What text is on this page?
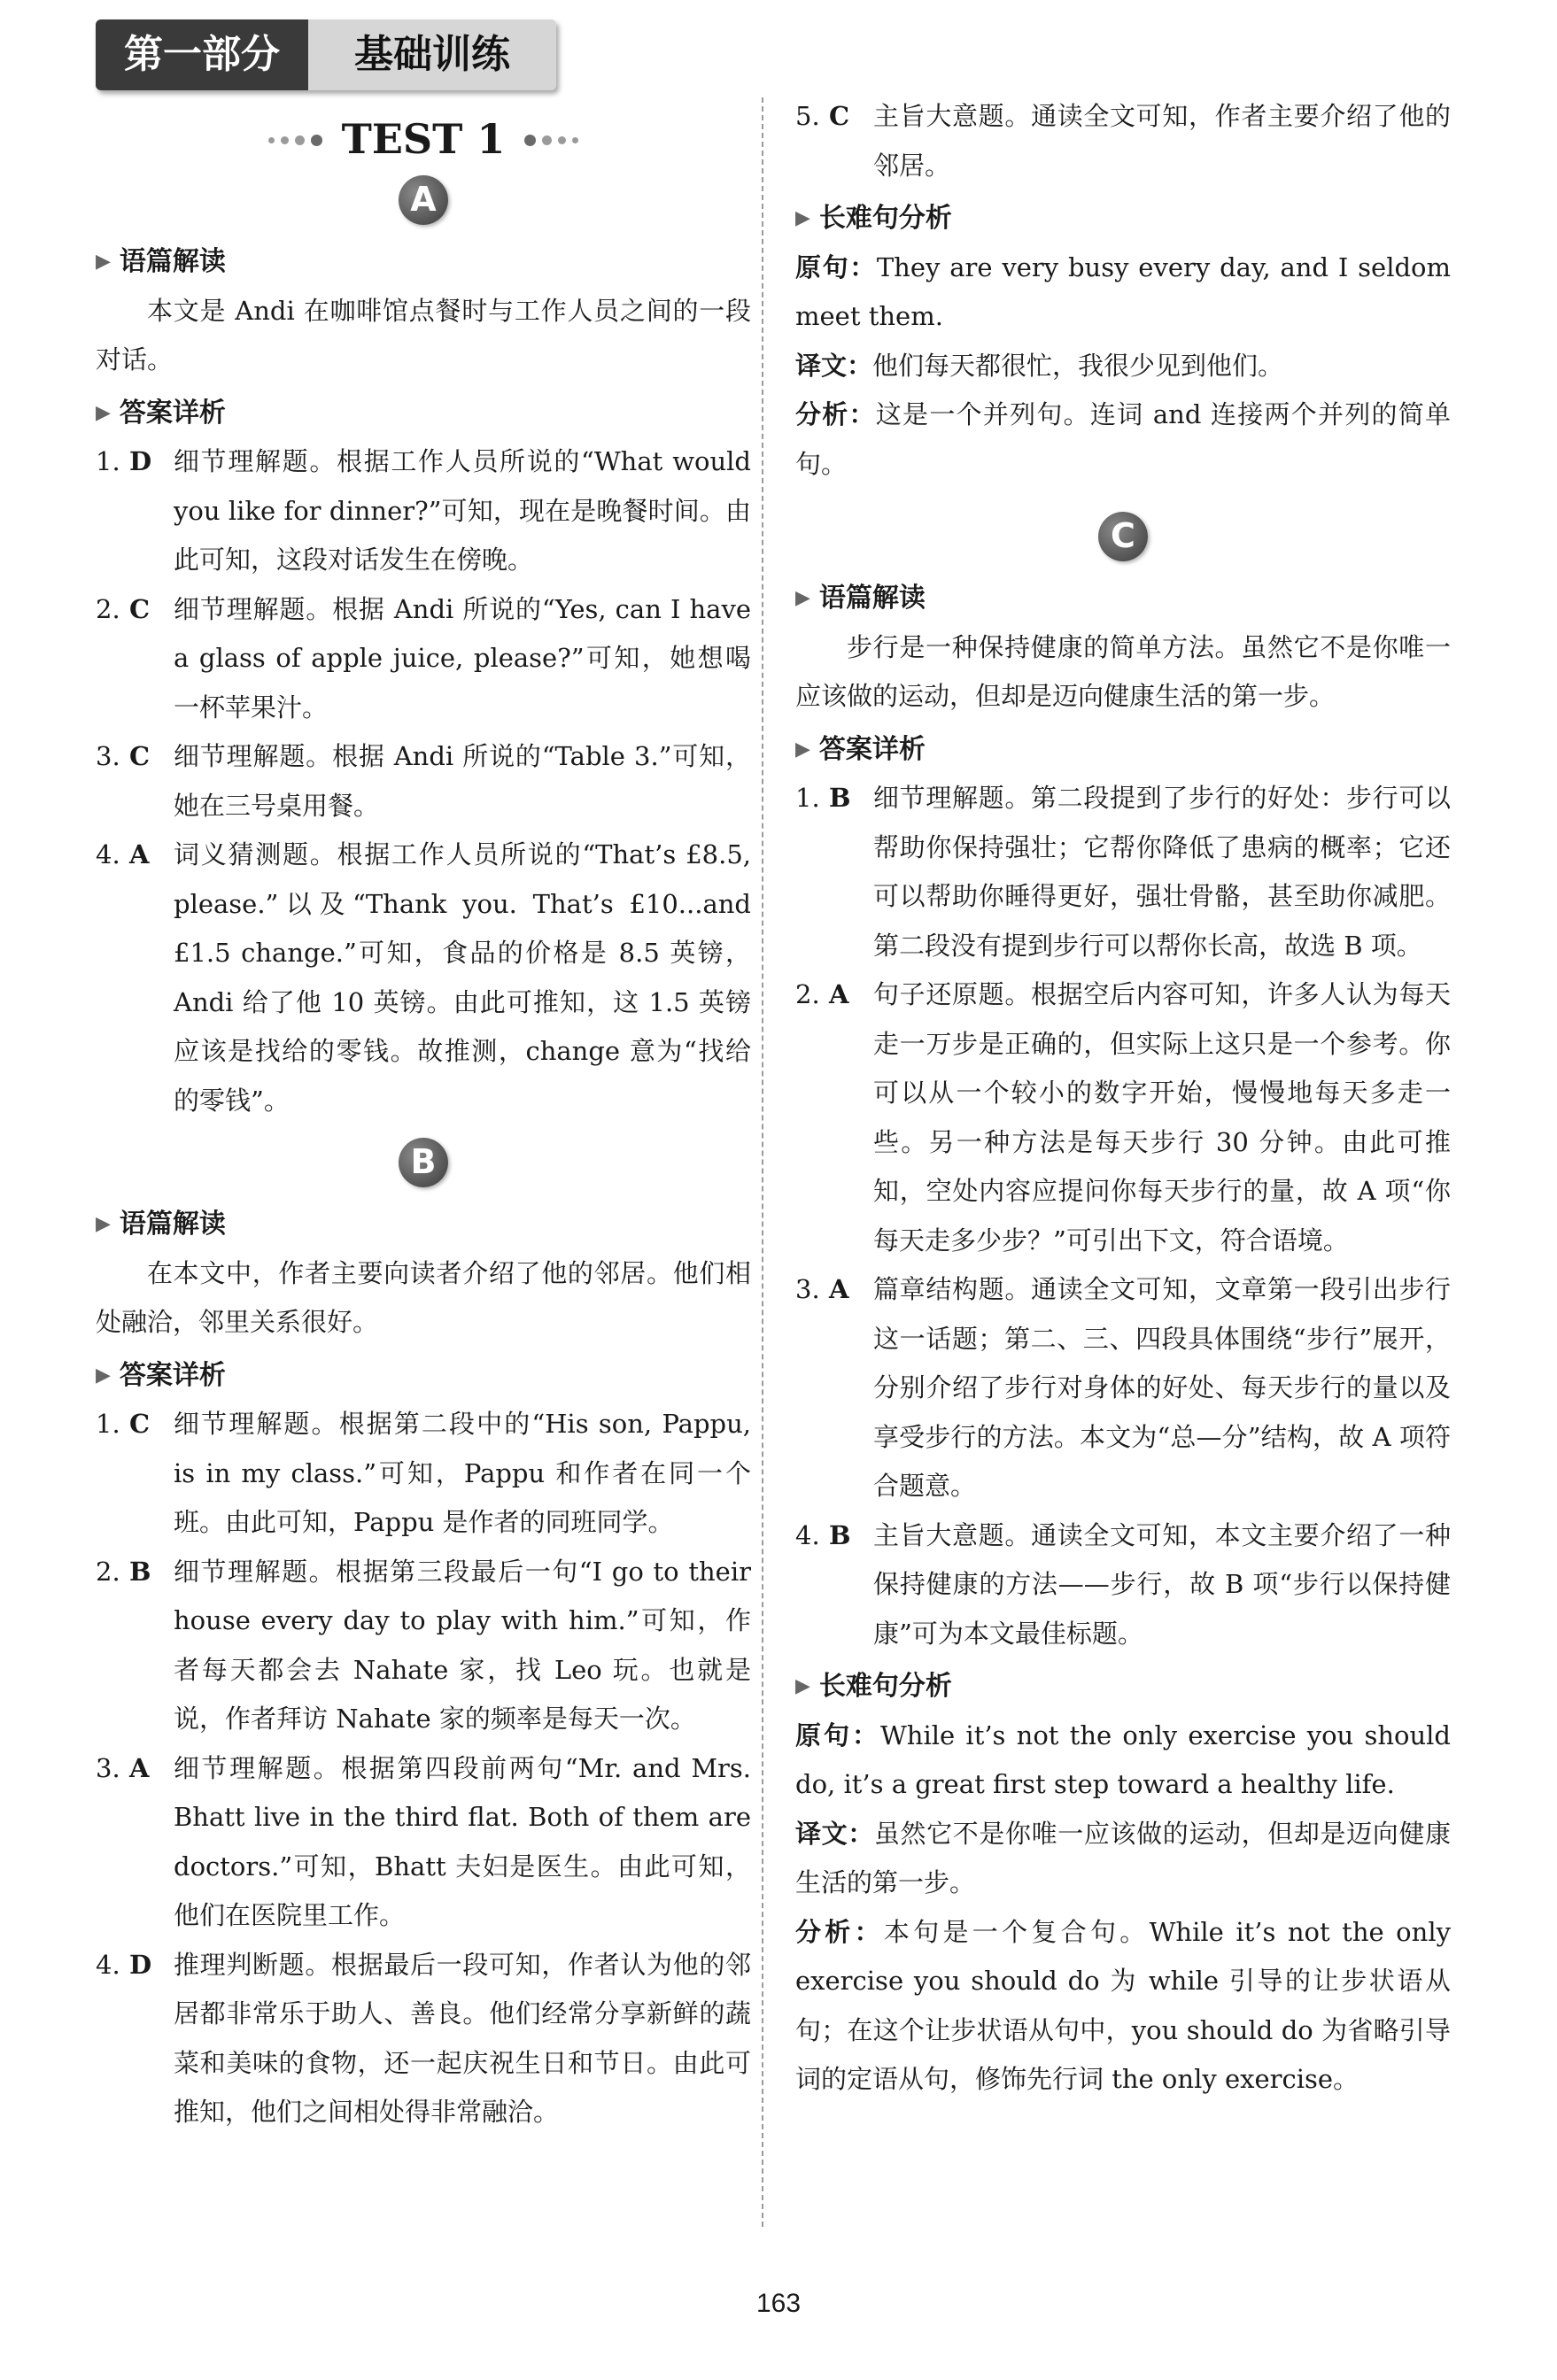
第一部分	基础训练
TEST 1
A
▶ 语篇解读

本文是 Andi 在咖啡馆点餐时与工作人员之间的一段对话。

▶ 答案详析
1. D 细节理解题。根据工作人员所说的“What would you like for dinner?”可知，现在是晚餐时间。由此可知，这段对话发生在傍晚。
2. C 细节理解题。根据 Andi 所说的“Yes, can I have a glass of apple juice, please?”可知，她想喝一杯苹果汁。
3. C 细节理解题。根据 Andi 所说的“Table 3.”可知，她在三号桌用餐。
4. A 词义猜测题。根据工作人员所说的“That’s £8.5, please.”以及“Thank you. That’s £10...and £1.5 change.”可知，食品的价格是 8.5 英镑，Andi 给了他 10 英镑。由此可推知，这 1.5 英镑应该是找给的零钱。故推测，change 意为“找给的零钱”。
B
▶ 语篇解读

在本文中，作者主要向读者介绍了他的邻居。他们相处融洽，邻里关系很好。

▶ 答案详析
1. C 细节理解题。根据第二段中的“His son, Pappu, is in my class.”可知，Pappu 和作者在同一个班。由此可知，Pappu 是作者的同班同学。
2. B 细节理解题。根据第三段最后一句“I go to their house every day to play with him.”可知，作者每天都会去 Nahate 家，找 Leo 玩。也就是说，作者拜访 Nahate 家的频率是每天一次。
3. A 细节理解题。根据第四段前两句“Mr. and Mrs. Bhatt live in the third flat. Both of them are doctors.”可知，Bhatt 夫妇是医生。由此可知，他们在医院里工作。
4. D 推理判断题。根据最后一段可知，作者认为他的邻居都非常乐于助人、善良。他们经常分享新鲜的蔬菜和美味的食物，还一起庆祝生日和节日。由此可推知，他们之间相处得非常融洽。
5. C 主旨大意题。通读全文可知，作者主要介绍了他的邻居。
▶ 长难句分析

原句：They are very busy every day, and I seldom meet them.

译文：他们每天都很忙，我很少见到他们。

分析：这是一个并列句。连词 and 连接两个并列的简单句。

C
▶ 语篇解读

步行是一种保持健康的简单方法。虽然它不是你唯一应该做的运动，但却是迈向健康生活的第一步。

▶ 答案详析
1. B 细节理解题。第二段提到了步行的好处：步行可以帮助你保持强壮；它帮你降低了患病的概率；它还可以帮助你睡得更好，强壮骨骼，甚至助你减肥。第二段没有提到步行可以帮你长高，故选 B 项。
2. A 句子还原题。根据空后内容可知，许多人认为每天走一万步是正确的，但实际上这只是一个参考。你可以从一个较小的数字开始，慢慢地每天多走一些。另一种方法是每天步行 30 分钟。由此可推知，空处内容应提问你每天步行的量，故 A 项“你每天走多少步？”可引出下文，符合语境。
3. A 篇章结构题。通读全文可知，文章第一段引出步行这一话题；第二、三、四段具体围绕“步行”展开，分别介绍了步行对身体的好处、每天步行的量以及享受步行的方法。本文为“总—分”结构，故 A 项符合题意。
4. B 主旨大意题。通读全文可知，本文主要介绍了一种保持健康的方法——步行，故 B 项“步行以保持健康”可为本文最佳标题。
▶ 长难句分析

原句：While it’s not the only exercise you should do, it’s a great first step toward a healthy life.

译文：虽然它不是你唯一应该做的运动，但却是迈向健康生活的第一步。

分析：本句是一个复合句。While it’s not the only exercise you should do 为 while 引导的让步状语从句；在这个让步状语从句中，you should do 为省略引导词的定语从句，修饰先行词 the only exercise。

163
